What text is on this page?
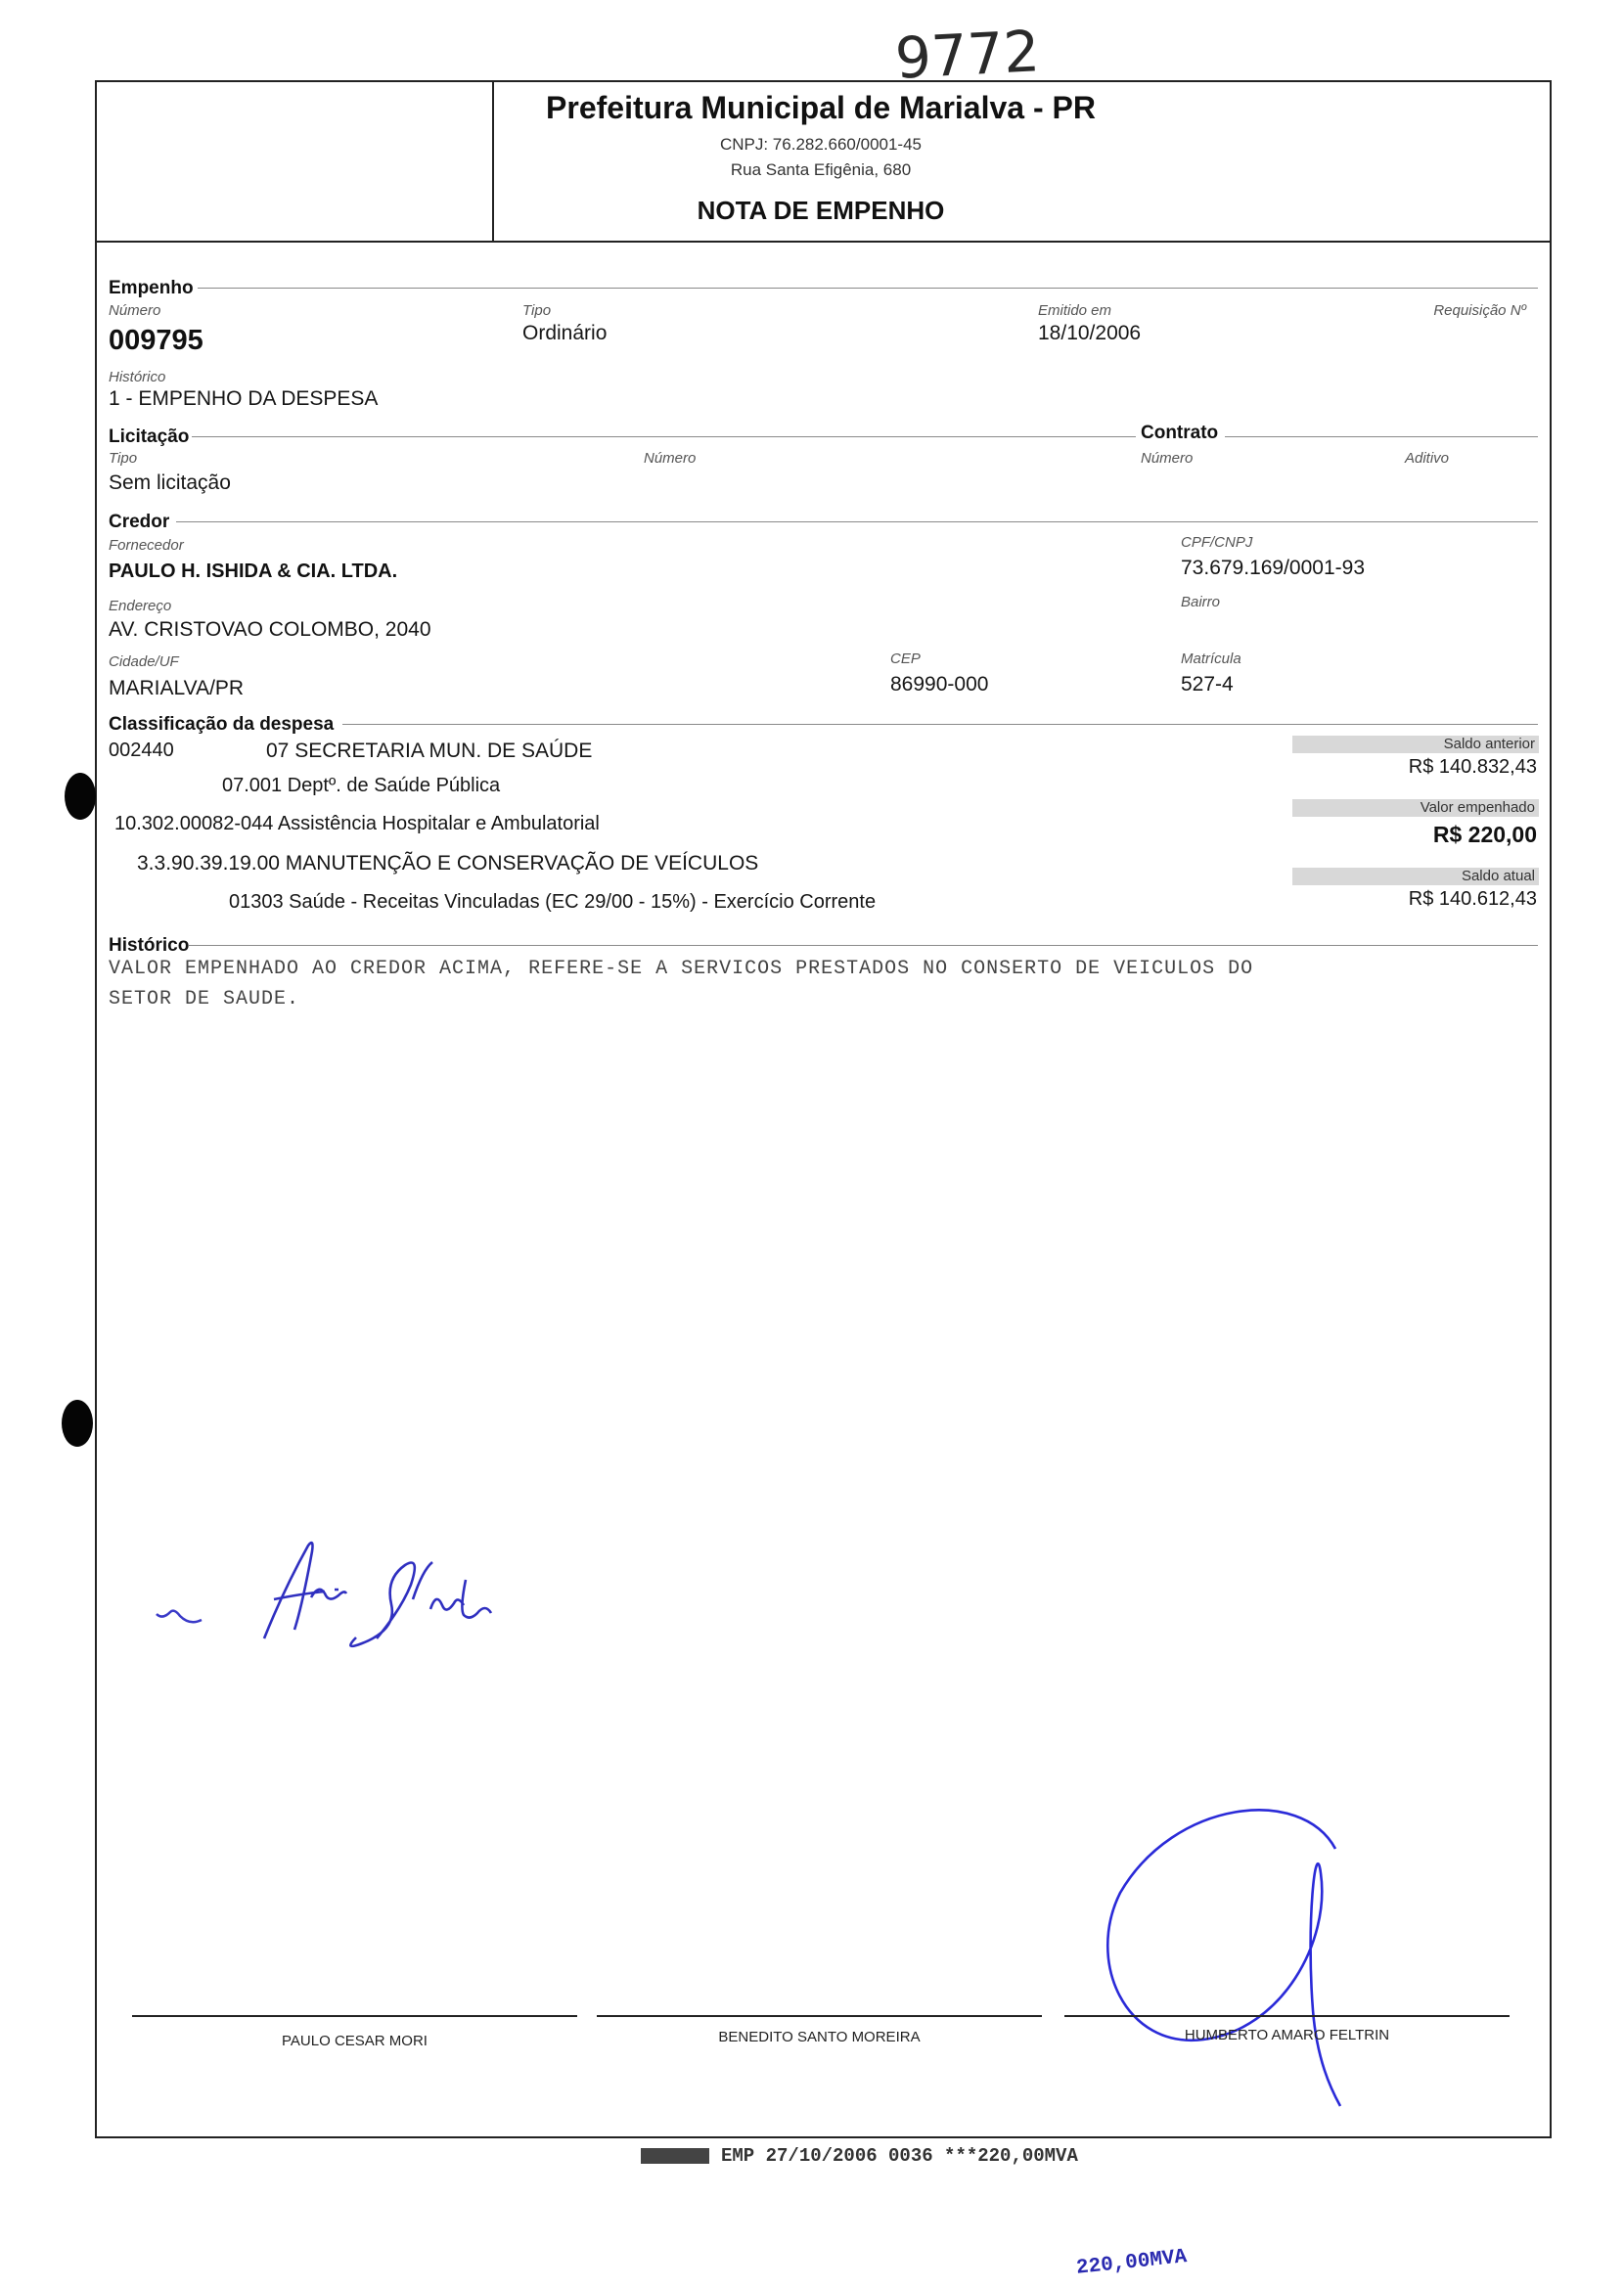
9772
Prefeitura Municipal de Marialva - PR
CNPJ: 76.282.660/0001-45
Rua Santa Efigênia, 680
NOTA DE EMPENHO
Empenho
Número
009795
Tipo
Ordinário
Emitido em
18/10/2006
Requisição Nº
Histórico
1 - EMPENHO DA DESPESA
Licitação	Contrato
Tipo
Sem licitação
Número	Número	Aditivo
Credor
Fornecedor
PAULO H. ISHIDA & CIA. LTDA.
CPF/CNPJ
73.679.169/0001-93
Endereço
AV. CRISTOVAO COLOMBO, 2040
Bairro
Cidade/UF
MARIALVA/PR
CEP
86990-000
Matrícula
527-4
Classificação da despesa
002440	07 SECRETARIA MUN. DE SAÚDE
07.001 Deptº. de Saúde Pública
10.302.00082-044 Assistência Hospitalar e Ambulatorial
3.3.90.39.19.00 MANUTENÇÃO E CONSERVAÇÃO DE VEÍCULOS
01303 Saúde - Receitas Vinculadas (EC 29/00 - 15%) - Exercício Corrente
Saldo anterior
R$ 140.832,43
Valor empenhado
R$ 220,00
Saldo atual
R$ 140.612,43
Histórico
VALOR EMPENHADO AO CREDOR ACIMA, REFERE-SE A SERVICOS PRESTADOS NO CONSERTO DE VEICULOS DO
SETOR DE SAUDE.
PAULO CESAR MORI	BENEDITO SANTO MOREIRA	HUMBERTO AMARO FELTRIN
EMP 27/10/2006 0036 ***220,00MVA
220,00MVA
